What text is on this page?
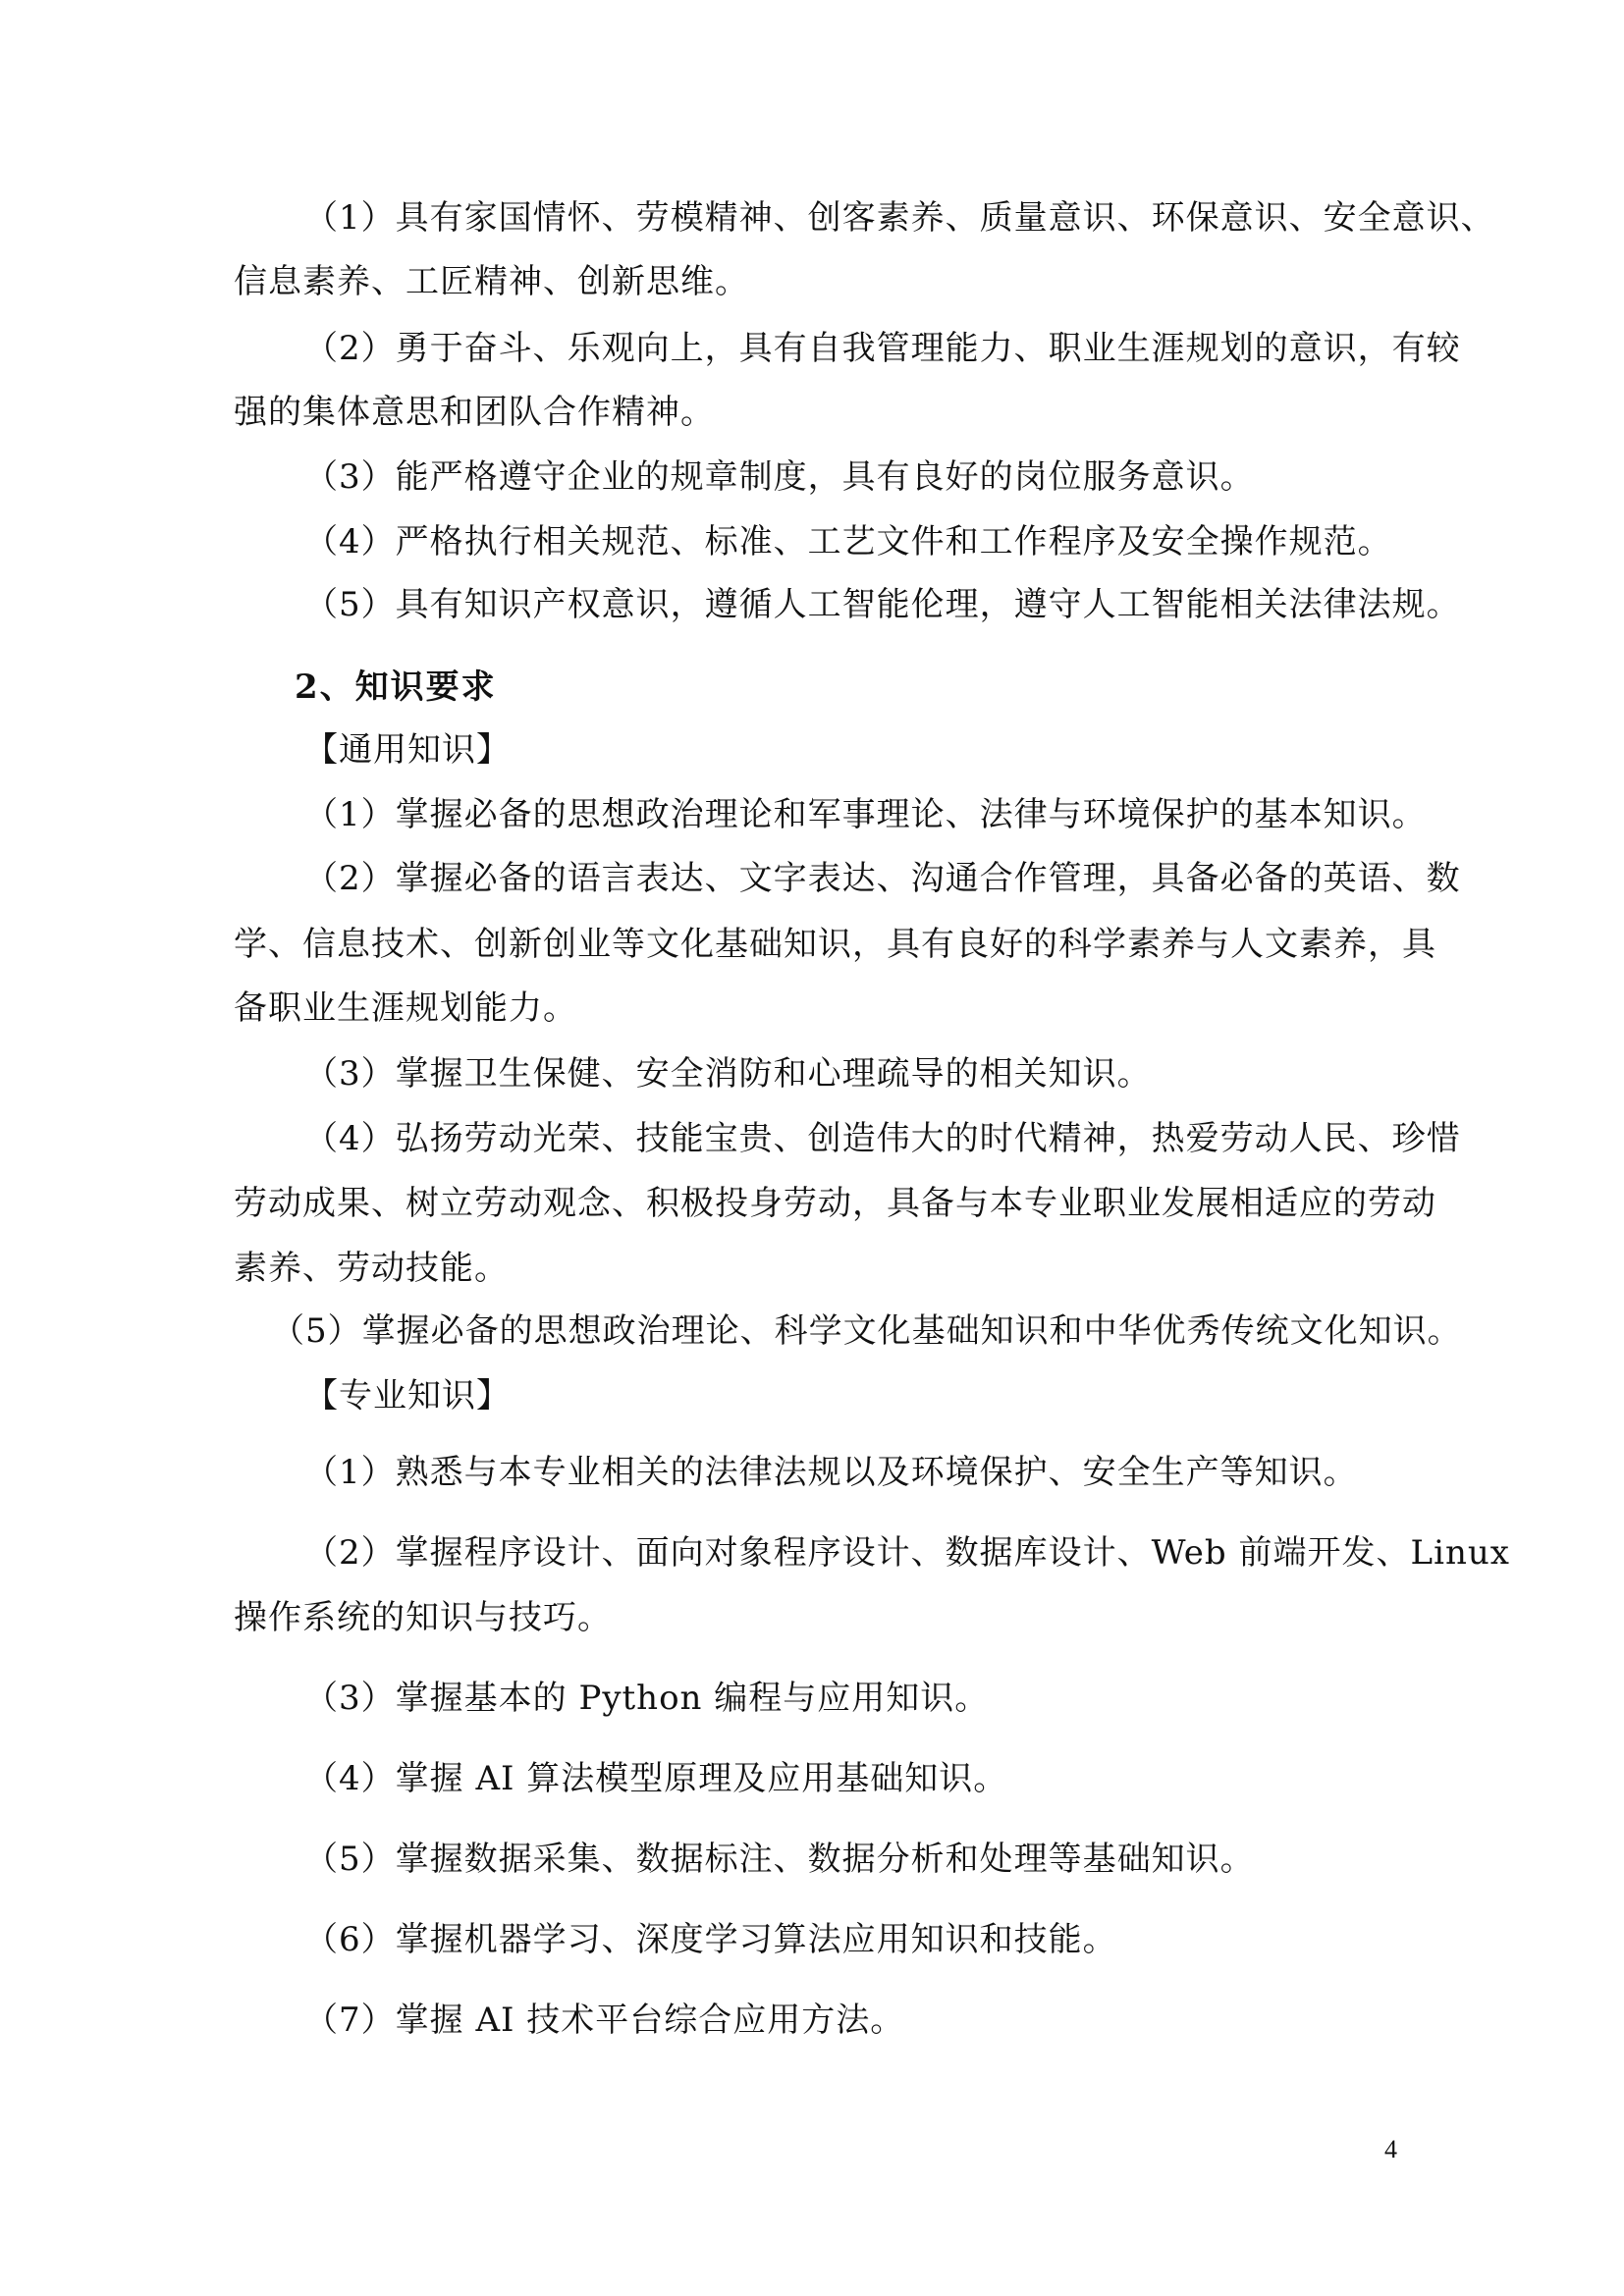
（1）具有家国情怀、劳模精神、创客素养、质量意识、环保意识、安全意识、
信息素养、工匠精神、创新思维。
（2）勇于奋斗、乐观向上，具有自我管理能力、职业生涯规划的意识，有较
强的集体意思和团队合作精神。
（3）能严格遵守企业的规章制度，具有良好的岗位服务意识。
（4）严格执行相关规范、标准、工艺文件和工作程序及安全操作规范。
（5）具有知识产权意识，遵循人工智能伦理，遵守人工智能相关法律法规。
2、知识要求
【通用知识】
（1）掌握必备的思想政治理论和军事理论、法律与环境保护的基本知识。
（2）掌握必备的语言表达、文字表达、沟通合作管理，具备必备的英语、数
学、信息技术、创新创业等文化基础知识，具有良好的科学素养与人文素养，具
备职业生涯规划能力。
（3）掌握卫生保健、安全消防和心理疏导的相关知识。
（4）弘扬劳动光荣、技能宝贵、创造伟大的时代精神，热爱劳动人民、珍惜
劳动成果、树立劳动观念、积极投身劳动，具备与本专业职业发展相适应的劳动
素养、劳动技能。
（5）掌握必备的思想政治理论、科学文化基础知识和中华优秀传统文化知识。
【专业知识】
（1）熟悉与本专业相关的法律法规以及环境保护、安全生产等知识。
（2）掌握程序设计、面向对象程序设计、数据库设计、Web 前端开发、Linux
操作系统的知识与技巧。
（3）掌握基本的 Python 编程与应用知识。
（4）掌握 AI 算法模型原理及应用基础知识。
（5）掌握数据采集、数据标注、数据分析和处理等基础知识。
（6）掌握机器学习、深度学习算法应用知识和技能。
（7）掌握 AI 技术平台综合应用方法。
4
